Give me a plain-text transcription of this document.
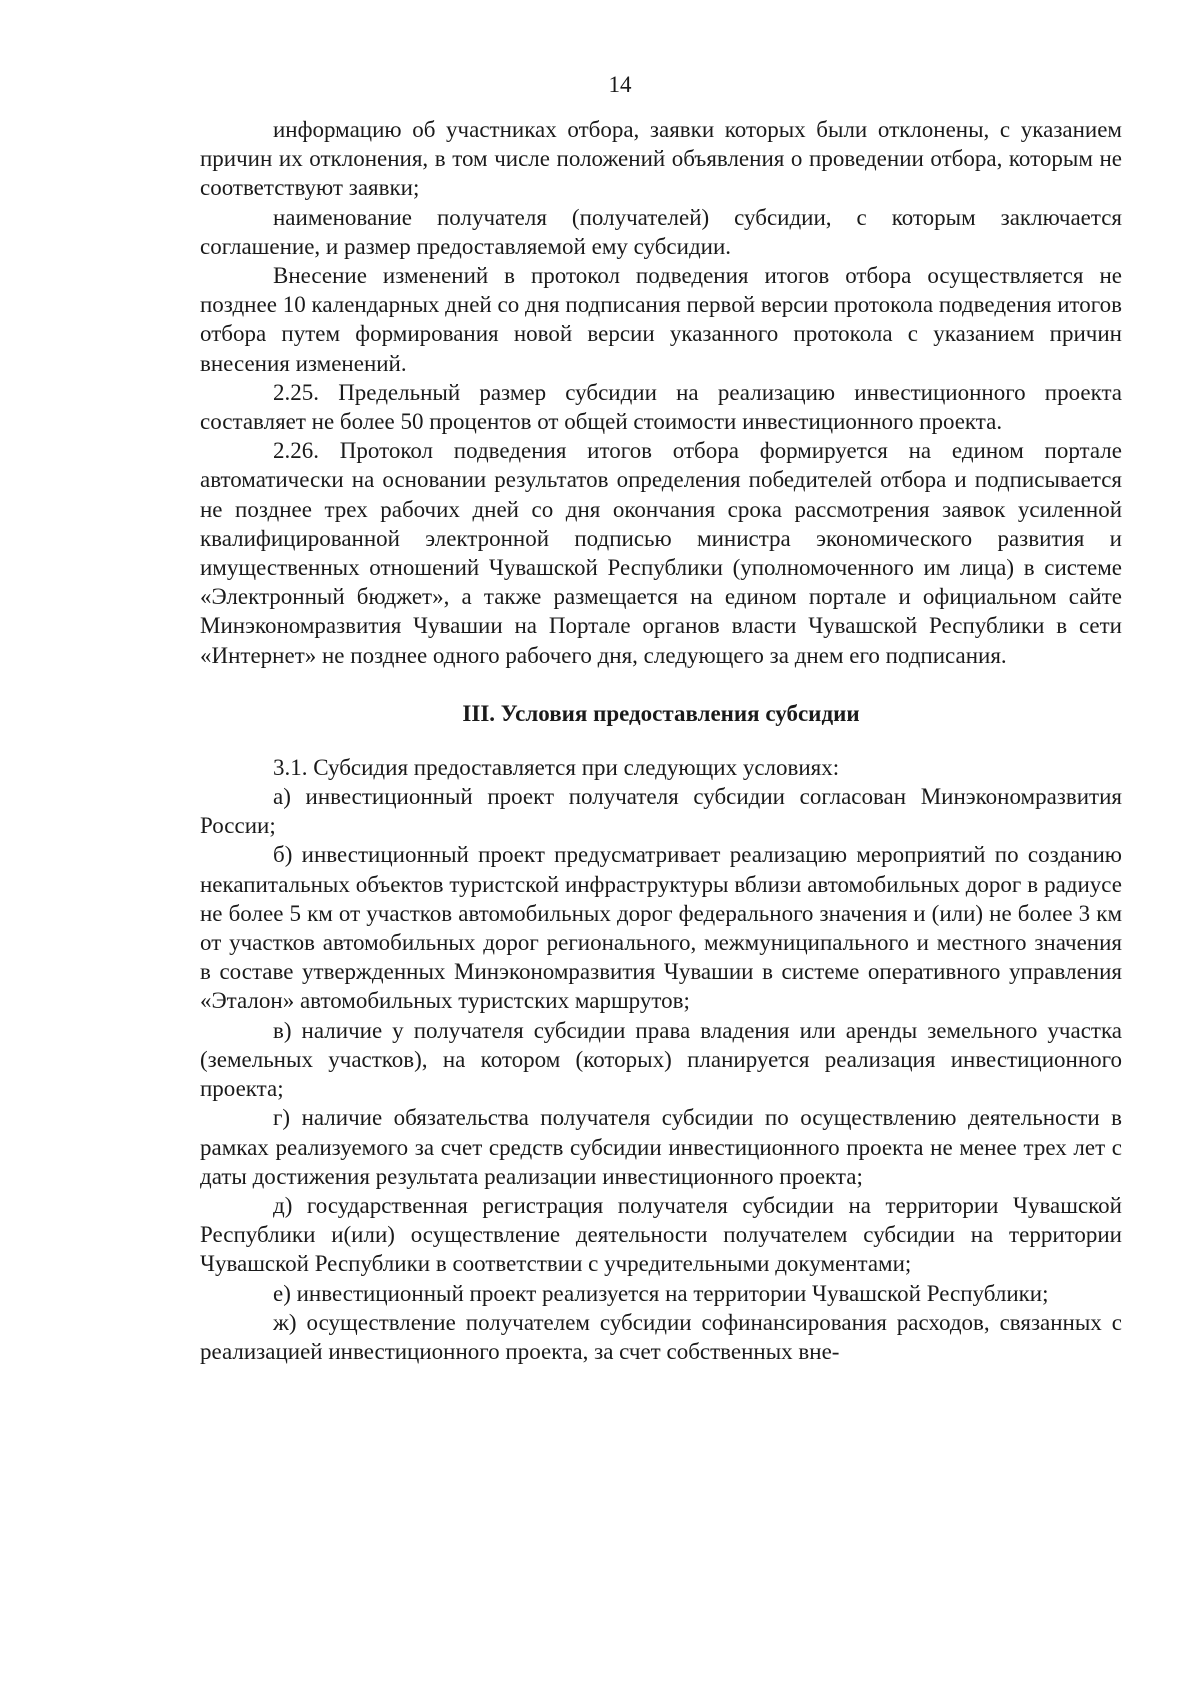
14

информацию об участниках отбора, заявки которых были отклонены, с указанием причин их отклонения, в том числе положений объявления о проведении отбора, которым не соответствуют заявки;

наименование получателя (получателей) субсидии, с которым заключается соглашение, и размер предоставляемой ему субсидии.

Внесение изменений в протокол подведения итогов отбора осуществляется не позднее 10 календарных дней со дня подписания первой версии протокола подведения итогов отбора путем формирования новой версии указанного протокола с указанием причин внесения изменений.

2.25. Предельный размер субсидии на реализацию инвестиционного проекта составляет не более 50 процентов от общей стоимости инвестиционного проекта.

2.26. Протокол подведения итогов отбора формируется на едином портале автоматически на основании результатов определения победителей отбора и подписывается не позднее трех рабочих дней со дня окончания срока рассмотрения заявок усиленной квалифицированной электронной подписью министра экономического развития и имущественных отношений Чувашской Республики (уполномоченного им лица) в системе «Электронный бюджет», а также размещается на едином портале и официальном сайте Минэкономразвития Чувашии на Портале органов власти Чувашской Республики в сети «Интернет» не позднее одного рабочего дня, следующего за днем его подписания.

III. Условия предоставления субсидии

3.1. Субсидия предоставляется при следующих условиях:

а) инвестиционный проект получателя субсидии согласован Минэкономразвития России;

б) инвестиционный проект предусматривает реализацию мероприятий по созданию некапитальных объектов туристской инфраструктуры вблизи автомобильных дорог в радиусе не более 5 км от участков автомобильных дорог федерального значения и (или) не более 3 км от участков автомобильных дорог регионального, межмуниципального и местного значения в составе утвержденных Минэкономразвития Чувашии в системе оперативного управления «Эталон» автомобильных туристских маршрутов;

в) наличие у получателя субсидии права владения или аренды земельного участка (земельных участков), на котором (которых) планируется реализация инвестиционного проекта;

г) наличие обязательства получателя субсидии по осуществлению деятельности в рамках реализуемого за счет средств субсидии инвестиционного проекта не менее трех лет с даты достижения результата реализации инвестиционного проекта;

д) государственная регистрация получателя субсидии на территории Чувашской Республики и(или) осуществление деятельности получателем субсидии на территории Чувашской Республики в соответствии с учредительными документами;

е) инвестиционный проект реализуется на территории Чувашской Республики;

ж) осуществление получателем субсидии софинансирования расходов, связанных с реализацией инвестиционного проекта, за счет собственных вне-
